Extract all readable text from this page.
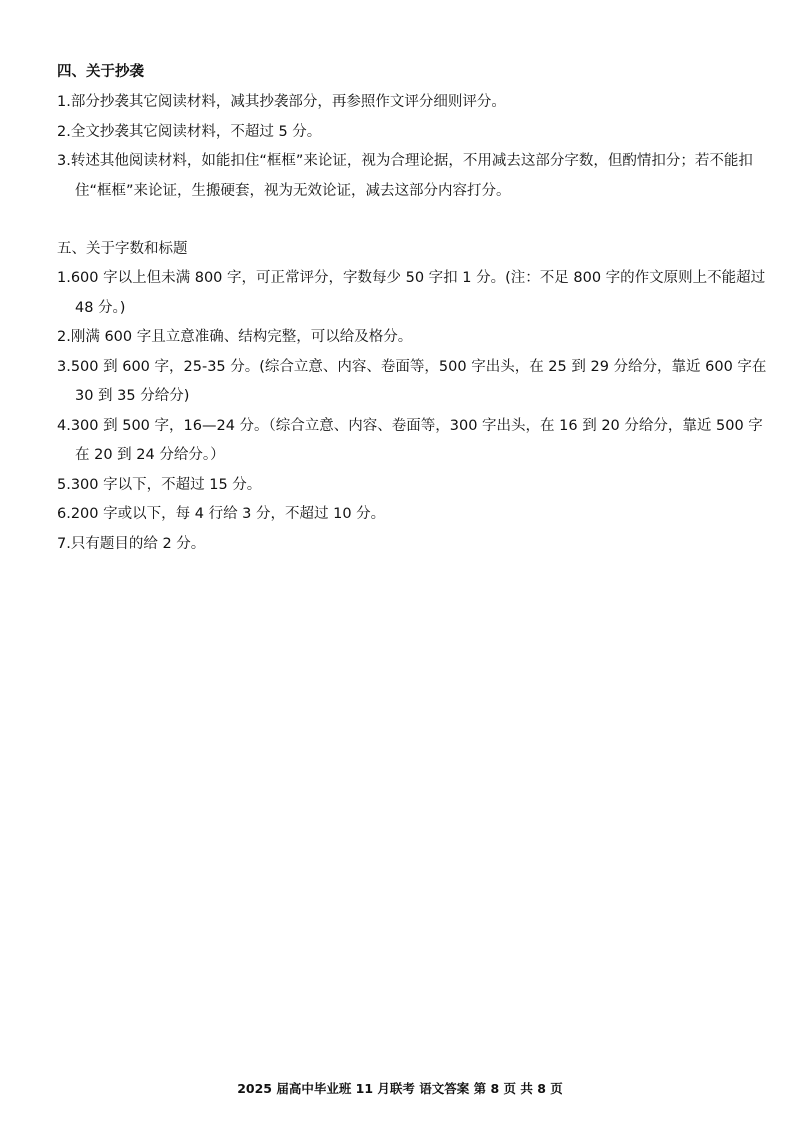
四、关于抄袭

1.部分抄袭其它阅读材料，减其抄袭部分，再参照作文评分细则评分。

2.全文抄袭其它阅读材料，不超过 5 分。

3.转述其他阅读材料，如能扣住“框框”来论证，视为合理论据，不用减去这部分字数，但酌情扣分；若不能扣住“框框”来论证，生搬硬套，视为无效论证，减去这部分内容打分。

五、关于字数和标题

1.600 字以上但未满 800 字，可正常评分，字数每少 50 字扣 1 分。(注：不足 800 字的作文原则上不能超过 48 分。)

2.刚满 600 字且立意准确、结构完整，可以给及格分。

3.500 到 600 字，25-35 分。(综合立意、内容、卷面等，500 字出头，在 25 到 29 分给分，靠近 600 字在 30 到 35 分给分)

4.300 到 500 字，16—24 分。（综合立意、内容、卷面等，300 字出头，在 16 到 20 分给分，靠近 500 字在 20 到 24 分给分。）

5.300 字以下，不超过 15 分。

6.200 字或以下，每 4 行给 3 分，不超过 10 分。

7.只有题目的给 2 分。

2025 届高中毕业班 11 月联考 语文答案 第 8 页 共 8 页
